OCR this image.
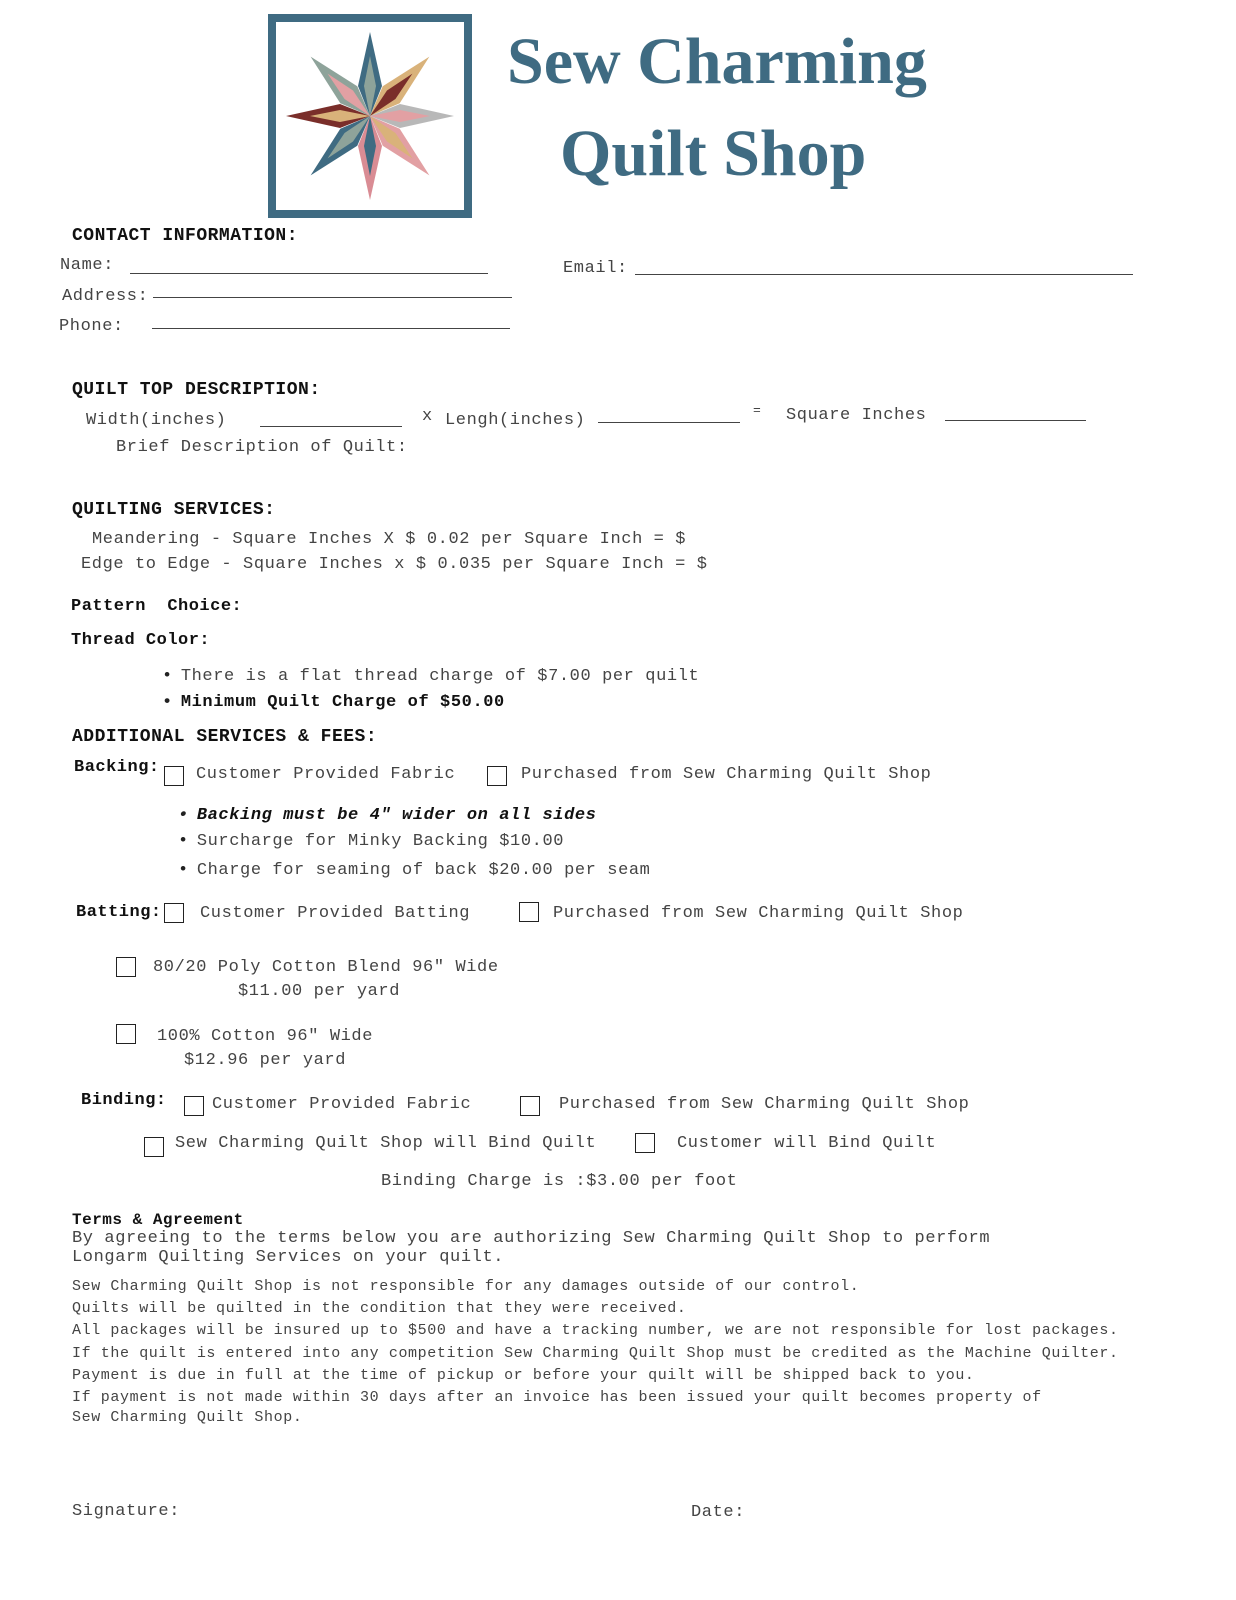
Sew Charming
Quilt Shop
CONTACT INFORMATION:
Name:	Email:
Address:
Phone:
QUILT TOP DESCRIPTION:
Width(inches)	x Lengh(inches)
= Square Inches
Brief Description of Quilt:
QUILTING SERVICES:
Meandering - Square Inches X $ 0.02 per Square Inch = $
Edge to Edge - Square Inches x $ 0.035 per Square Inch = $
Pattern  Choice:
Thread Color:
• There is a flat thread charge of $7.00 per quilt
• Minimum Quilt Charge of $50.00
ADDITIONAL SERVICES & FEES:
Backing: Customer Provided Fabric	Purchased from Sew Charming Quilt Shop
• Backing must be 4″ wider on all sides
• Surcharge for Minky Backing $10.00
• Charge for seaming of back $20.00 per seam
Batting: Customer Provided Batting	Purchased from Sew Charming Quilt Shop
80/20 Poly Cotton Blend 96" Wide
$11.00 per yard
100% Cotton 96" Wide
$12.96 per yard
Binding:	Customer Provided Fabric	Purchased from Sew Charming Quilt Shop
Sew Charming Quilt Shop will Bind Quilt	Customer will Bind Quilt
Binding Charge is :$3.00 per foot
Terms & Agreement
By agreeing to the terms below you are authorizing Sew Charming Quilt Shop to perform
Longarm Quilting Services on your quilt.
Sew Charming Quilt Shop is not responsible for any damages outside of our control.
Quilts will be quilted in the condition that they were received.
All packages will be insured up to $500 and have a tracking number, we are not responsible for lost packages.
If the quilt is entered into any competition Sew Charming Quilt Shop must be credited as the Machine Quilter.
Payment is due in full at the time of pickup or before your quilt will be shipped back to you.
If payment is not made within 30 days after an invoice has been issued your quilt becomes property of
Sew Charming Quilt Shop.
Signature:	Date:
